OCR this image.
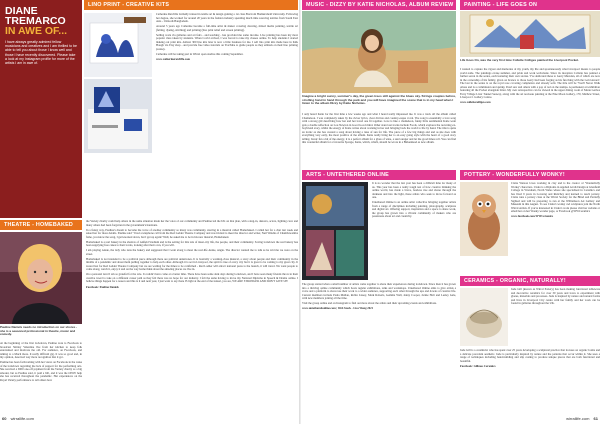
DIANE
TREMARCO
IN AWE OF...
I have always greatly admired fellow musicians and creatives and I am thrilled to be able to tell you about those I know well and those I have recently discovered. Please take a look at my Instagram profile for more of the artists I am in awe of.
LINO PRINT - CREATIVE KITS

Catherine Ratcliffe formally trained in textile art & design gaining a 1st class BA from Huddersfield University. Following her degree, she worked for around 20 years in the fashion industry spending much time sourcing textiles from South East Asia - China & Bangladesh.

Around 5 years ago Catherine became a full-time artist & maker covering drawing, mixed media painting, textile art (felting, dyeing, stitching) and printing (lino print relief and screen printing).

Selling work via galleries and art fairs - and teaching - has provided me some income. Live printing has been my most popular class taken by students. When Covid arrived, I was forced to take my classes online. To help students I started making out print kits. Almost 300 lino kits later is now a little business for me. I sell lino print kits made here in Kirk Hough via Etsy shop - and provide free video tutorials on YouTube to guide people as they embark on their lino printing journey.

Catherine will be taking part in Wirral open studios this coming September.

www.catherineratcliffe.com

THEATRE - HOMEBAKED
Pauline Daniels needs no introduction on our shores - she is a seasoned professional in theatre, music and comedy.

At the beginning of the first lockdown, Pauline took to Facebook to broadcast Shirley Valentine live from her kitchen to keep folk entertained and motivate the old. For audience, on Facebook, and talking to a Much more. It really difficult gig. It was so good and, in my opinion, deserved way more recognition that it got.

Pauline has been forthcoming with her views on Facebook in the wake of the lockdown regarding the lack of support for the performing arts. She received a £600 one-off payment from the Variety charity as a big amount, but as Pauline said, it paid a bill, and it was the ONLY help she has received throughout the pandemic. Her experiences on the Royal Variety performance to tell others how

the Variety charity could help others in the same situation made her the voice of our community and Pauline led the UK on that plan, with a sing-in, dancers, actors, lighting crew and many others had been forgotten in the government's handouts.

In a funny way, Pauline's dream to become the voice of another community so many was community, starring in a musical called Homebaked. I called her for a chat last week and asked her for more details. Pauline said "I had a telephone call from the Red Ladder Theatre Company and was invited to meet the director and writer, Neil Windle of Chumbawamba fame, you know the song, I get knocked down, but I get up again? Well, he asked me to be in his new musical, Homebaked.

Homebaked is a real bakery in the shadow of Anfield Stadium and is the setting for this tale of inner-city life, the people, and their community. Saving lockdown the real bakery has been supplying free cakes to their locals, looking after their own, if you will.

I am playing Annie, the lady who runs the bakery and suggested that I went along to meet the real-life Annie, Angie. The director wanted me to talk as he told me we were on the street.

Homebaked is not intended to be a political piece although there are political undertones. It is basically a working-class musical, a story about people and their community in the middle of a pandemic and about them pulling together to help each other. Although it is set in Liverpool, the spirit is true of every city but it is great to be coming to my great city. It toured last for Red Ladder Theatre Company but we are waiting for the times to be confirmed - Red Ladder will attract national press to the launch, it will travel. We want people to come along, watch it, enjoy it and on the way home think about the amazing places we live in.

On a personal level I am so grateful for the role. It couldn't have come at a better time. There have been some dark days during lockdown, and I have seen many friends throw in their creative towel to take on a different career path as they felt there was no hope for our industry. I felt the same having to move my National Diploma in Speech & Drama online. I believe things happen for a reason and this is it and next year, I just want to say there IS light at the end of the tunnel, you are, WE ARE STRONGER AND DON'T GIVE UP!

Facebook: Pauline Daniels

60 wirrallife.com
MUSIC - DIZZY BY KATIE NICHOLAS, ALBUM REVIEW
Imagine a bright sunny, summer's day, the green trees still against the blues sky. Strings couples before, strolling hand in hand through the park and you will have imagined the scene that is in my head when I listen to the album Dizzy by Katie Nicholas.
I only heard Katie for the first time a few weeks ago and what I heard really impressed me. It was a track off the album called Chameleon. I was completely taken by the clever lyrics, clear diction and country-esque vocal. The song is essentially a love song with a strong girl describing how her and her loved one fit together. Love is like a chameleon, funny little sentimental Katie went gets a double reflection on Lou Newton in Good Good mind. Other stand out tracks include Foods, which explores the recurring ex-boyfriend story, whilst the energy of Katie writes about working in her and bringing back the world to life by hand. The title is quite an ironic as she has created a song about having a tune of sun for life. The piece of a few big things and and as she does with everything very early, the most positive of the album. Katie really bring her to an easy going style with the heart of a good story telling. Ironic fun a hit of the energy, it is a perfect album for a glass of wine, a sun lounger and let the good times roll. You can find this wonderful album for a favourite Sponge, Katie, which, which, should be wrote in a Birkenhead as new album.
PAINTING - LIFE GOES ON
Life Goes On, was the very first time Collette Colliges painted the Liverpool Pocket.

I wanted to capture the vigour and memories of my youth, my life and spontaneously what Liverpool means to people world-wide. The paintings evoke summer, and pride and work well-made. Since its inception Collette has painted a further seven in the series, each featuring their own stories. 'I've dedicated these to Gerry Marsden, all of which are now in the ownership of his family, given on licence to those Gerry had been forging as his fun thing with the Gold Award.' The last in the series is on the royal rose covering completion and already sold. The title will be 'You'll Never Walk Alone and is a commission and quirky, Pearl saw and others with a pop of red on the stamps. A permanent art exhibition featuring all the Pocket alongside bitter. My own retrospective can be viewed in the upper dining room of Marie Garbos Ferry Village Liver Tunnel Seaway, along with the art nouveau painting at the Pine Moon Gallery, 170, Mathew Street, Liverpool 1 Gallery Centre.

www.collettecolliges.com

ARTS - UNTETHERED ONLINE

It is no wonder that the last year has been a difficult time for many of us. This year has been a really tough test of how creative thinking the online world, has made a brave, fearless rise and shone through the darkness and into the light, these artists who seek to move forward as one.

Untethered Online is an online artist collective bringing together artists from a range of disciplines including painting, photography, sculpture and digital art. Offering support, inspiration and a space to share work, the group has grown into a vibrant community of makers who are passionate about art and creativity.

The group started when a small number of artists came together to share their experiences during lockdown. Since then it has grown into a thriving online community which hosts regular exhibitions, talks and workshops. Untethered Online aims to give artists a voice and a platform to showcase their work to a wider audience, supporting each other through the ups and downs of creative life. Current members include Paula Mullan, Robin Lissey, Mark Roberts, Gemma Wall, Jenny Cooper, Jackie Holt and Lesley Gale, with new members joining all the time.

Visit the group online and on Instagram to find out more about the artists and their upcoming events and exhibitions.

www.untetheredonline.com | Web Stock - Lisa Wong 2021

POTTERY - WONDERFULLY WONKY!

Claire Watson loves working in clay and is the creator of 'Wonderfully Wonky' characters. Claire is a Diploma in Applied Art & Design at Glenfield College in Wrexham, North Wales where she specialised in Ceramics and has lived 9 years in Lowsrng and Ruitchey and learned to teach pottery. Claire runs a pottery class at the Wirral Society for the Blind and Partially Sighted and will be preparing to run at the Williamson Art Gallery and Museum in this August. To see Claire's wonky owl sculptures join the North Wirral Artists. If you're interested in Claire's work please visit her website or email her on her Wonky wonder page, or Facebook @WWCeramics

www.facebook.com/WWCeramics

CERAMICS - ORGANIC, NATURALLY!
Jude Gill (known as Wirral Pottery) has been making functional tableware and decorative ceramics for over 30 years and loves to experiment with glazes, materials and processes. Jude is inspired by nature and natural forms and lives in Liverpool City centre with her family and her work can be found in galleries throughout the UK.

Jude Gill is a ceramicist who has spent over 25 years developing a sculptural practice that focuses on organic forms and a delicate porcelain aesthetic. Jude is particularly inspired by nature and the patterns that occur within it. She uses a range of techniques including hand-building and slip casting to produce unique pieces that are both functional and beautiful.

Facebook: Gillmos Ceramics

wirrallife.com 61
